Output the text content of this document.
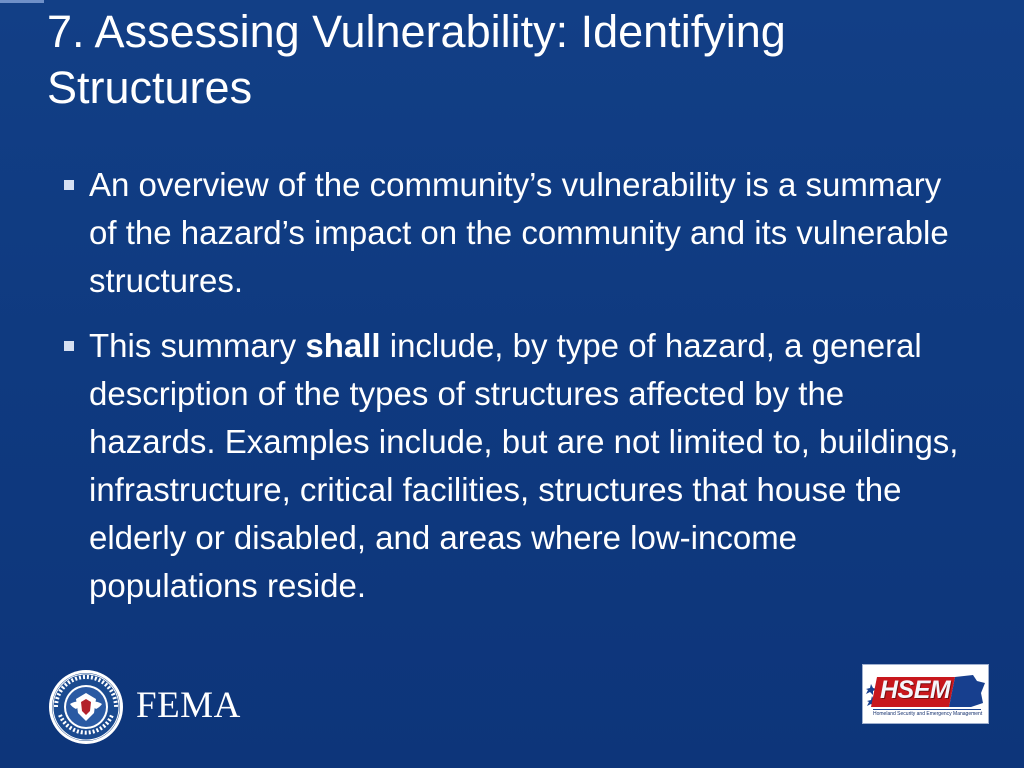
7. Assessing Vulnerability: Identifying Structures
An overview of the community’s vulnerability is a summary of the hazard’s impact on the community and its vulnerable structures.
This summary shall include, by type of hazard, a general description of the types of structures affected by the hazards. Examples include, but are not limited to, buildings, infrastructure, critical facilities, structures that house the elderly or disabled, and areas where low-income populations reside.
FEMA	HSEM
Homeland Security and Emergency Management
